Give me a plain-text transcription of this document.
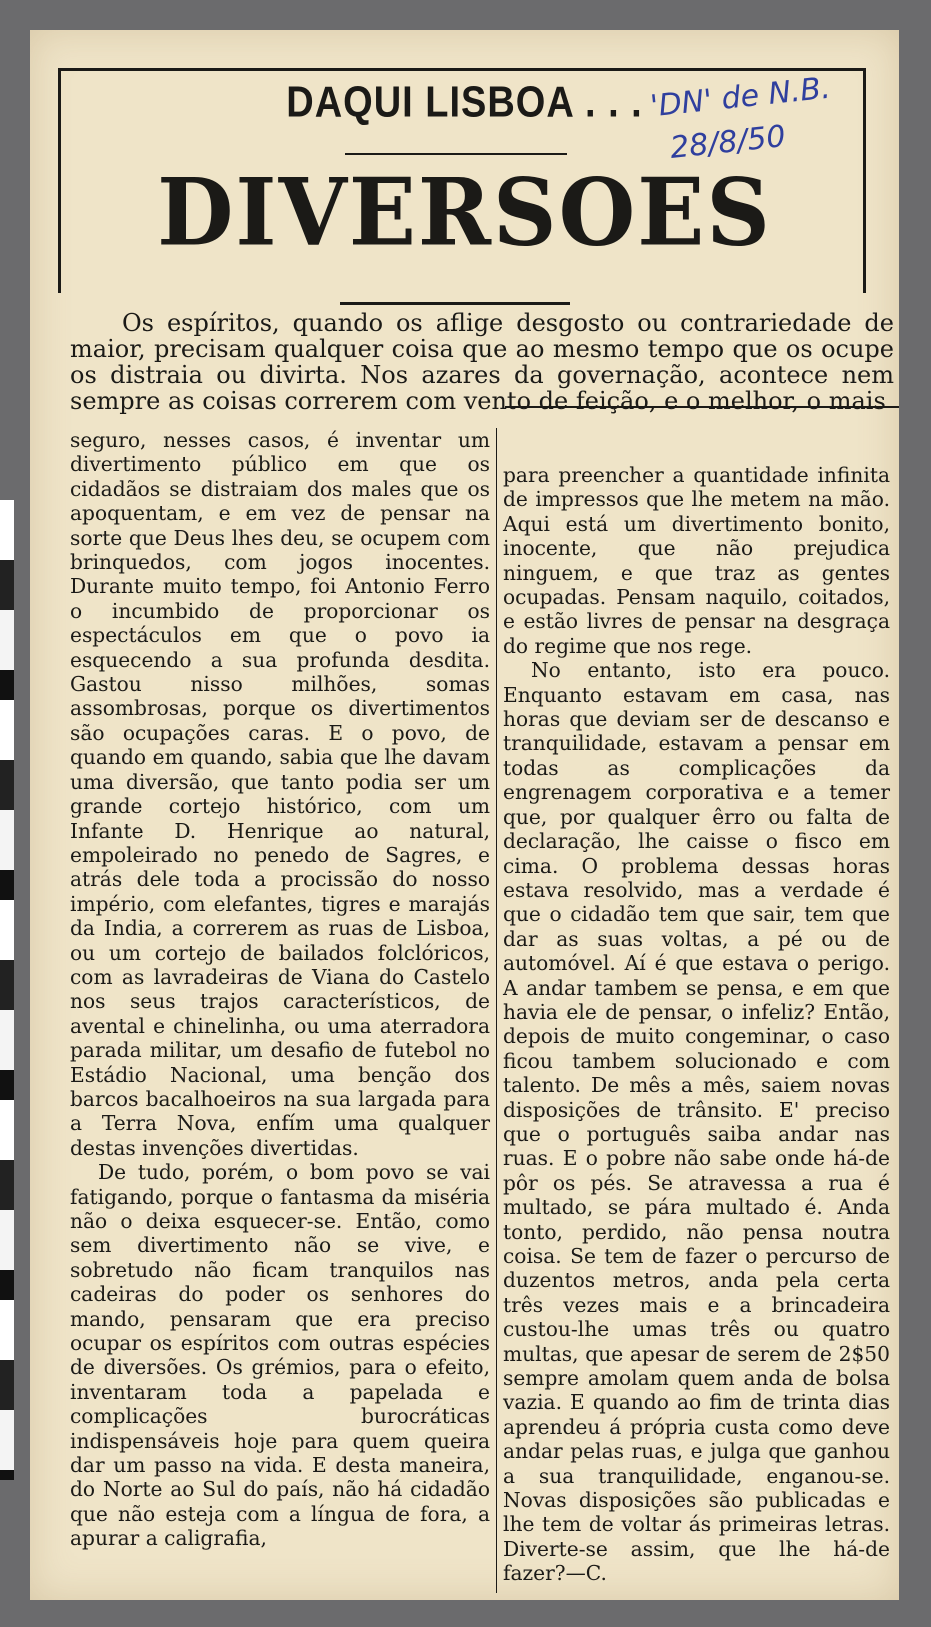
DAQUI LISBOA . . .
DIVERSOES
'DN' de N.B.
28/8/50
Os espíritos, quando os aflige desgosto ou contrariedade de maior, precisam qualquer coisa que ao mesmo tempo que os ocupe os distraia ou divirta. Nos azares da governação, acontece nem sempre as coisas correrem com vento de feição, e o melhor, o mais

seguro, nesses casos, é inventar um divertimento público em que os cidadãos se distraiam dos males que os apoquentam, e em vez de pensar na sorte que Deus lhes deu, se ocupem com brinquedos, com jogos inocentes. Durante muito tempo, foi Antonio Ferro o incumbido de proporcionar os espectáculos em que o povo ia esquecendo a sua profunda desdita. Gastou nisso milhões, somas assombrosas, porque os divertimentos são ocupações caras. E o povo, de quando em quando, sabia que lhe davam uma diversão, que tanto podia ser um grande cortejo histórico, com um Infante D. Henrique ao natural, empoleirado no penedo de Sagres, e atrás dele toda a procissão do nosso império, com elefantes, tigres e marajás da India, a correrem as ruas de Lisboa, ou um cortejo de bailados folclóricos, com as lavradeiras de Viana do Castelo nos seus trajos característicos, de avental e chinelinha, ou uma aterradora parada militar, um desafio de futebol no Estádio Nacional, uma benção dos barcos bacalhoeiros na sua largada para a Terra Nova, enfím uma qualquer destas invenções divertidas.

De tudo, porém, o bom povo se vai fatigando, porque o fantasma da miséria não o deixa esquecer-se. Então, como sem divertimento não se vive, e sobretudo não ficam tranquilos nas cadeiras do poder os senhores do mando, pensaram que era preciso ocupar os espíritos com outras espécies de diversões. Os grémios, para o efeito, inventaram toda a papelada e complicações burocráticas indispensáveis hoje para quem queira dar um passo na vida. E desta maneira, do Norte ao Sul do país, não há cidadão que não esteja com a língua de fora, a apurar a caligrafia,

para preencher a quantidade infinita de impressos que lhe metem na mão. Aqui está um divertimento bonito, inocente, que não prejudica ninguem, e que traz as gentes ocupadas. Pensam naquilo, coitados, e estão livres de pensar na desgraça do regime que nos rege.

No entanto, isto era pouco. Enquanto estavam em casa, nas horas que deviam ser de descanso e tranquilidade, estavam a pensar em todas as complicações da engrenagem corporativa e a temer que, por qualquer êrro ou falta de declaração, lhe caisse o fisco em cima. O problema dessas horas estava resolvido, mas a verdade é que o cidadão tem que sair, tem que dar as suas voltas, a pé ou de automóvel. Aí é que estava o perigo. A andar tambem se pensa, e em que havia ele de pensar, o infeliz? Então, depois de muito congeminar, o caso ficou tambem solucionado e com talento. De mês a mês, saiem novas disposições de trânsito. E' preciso que o português saiba andar nas ruas. E o pobre não sabe onde há-de pôr os pés. Se atravessa a rua é multado, se pára multado é. Anda tonto, perdido, não pensa noutra coisa. Se tem de fazer o percurso de duzentos metros, anda pela certa três vezes mais e a brincadeira custou-lhe umas três ou quatro multas, que apesar de serem de 2$50 sempre amolam quem anda de bolsa vazia. E quando ao fim de trinta dias aprendeu á própria custa como deve andar pelas ruas, e julga que ganhou a sua tranquilidade, enganou-se. Novas disposições são publicadas e lhe tem de voltar ás primeiras letras. Diverte-se assim, que lhe há-de fazer?—C.
